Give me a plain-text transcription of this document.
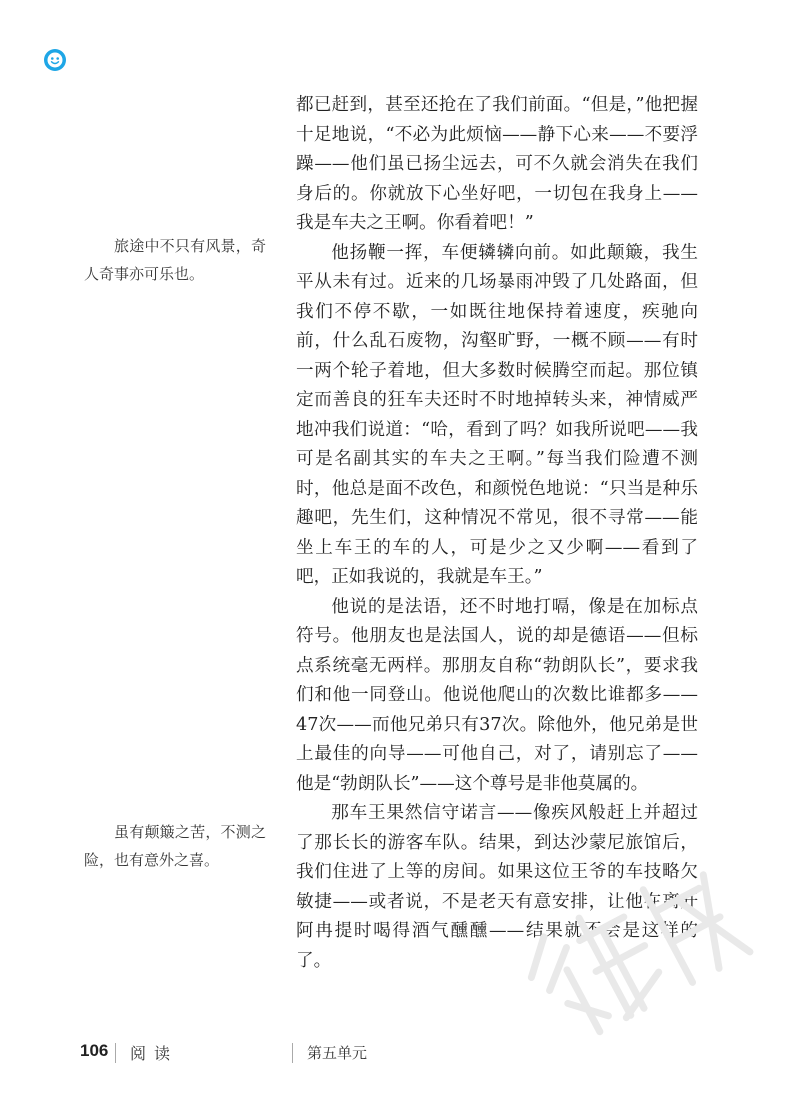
旅途中不只有风景，奇人奇事亦可乐也。
虽有颠簸之苦，不测之险，也有意外之喜。

都已赶到，甚至还抢在了我们前面。“但是，”他把握十足地说，“不必为此烦恼——静下心来——不要浮躁——他们虽已扬尘远去，可不久就会消失在我们身后的。你就放下心坐好吧，一切包在我身上——我是车夫之王啊。你看着吧！”

他扬鞭一挥，车便辚辚向前。如此颠簸，我生平从未有过。近来的几场暴雨冲毁了几处路面，但我们不停不歇，一如既往地保持着速度，疾驰向前，什么乱石废物，沟壑旷野，一概不顾——有时一两个轮子着地，但大多数时候腾空而起。那位镇定而善良的狂车夫还时不时地掉转头来，神情威严地冲我们说道：“哈，看到了吗？如我所说吧——我可是名副其实的车夫之王啊。”每当我们险遭不测时，他总是面不改色，和颜悦色地说：“只当是种乐趣吧，先生们，这种情况不常见，很不寻常——能坐上车王的车的人，可是少之又少啊——看到了吧，正如我说的，我就是车王。”

他说的是法语，还不时地打嗝，像是在加标点符号。他朋友也是法国人，说的却是德语——但标点系统毫无两样。那朋友自称“勃朗队长”，要求我们和他一同登山。他说他爬山的次数比谁都多——47次——而他兄弟只有37次。除他外，他兄弟是世上最佳的向导——可他自己，对了，请别忘了——他是“勃朗队长”——这个尊号是非他莫属的。

那车王果然信守诺言——像疾风般赶上并超过了那长长的游客车队。结果，到达沙蒙尼旅馆后，我们住进了上等的房间。如果这位王爷的车技略欠敏捷——或者说，不是老天有意安排，让他在离开阿冉提时喝得酒气醺醺——结果就不会是这样的了。

106 阅读	第五单元
